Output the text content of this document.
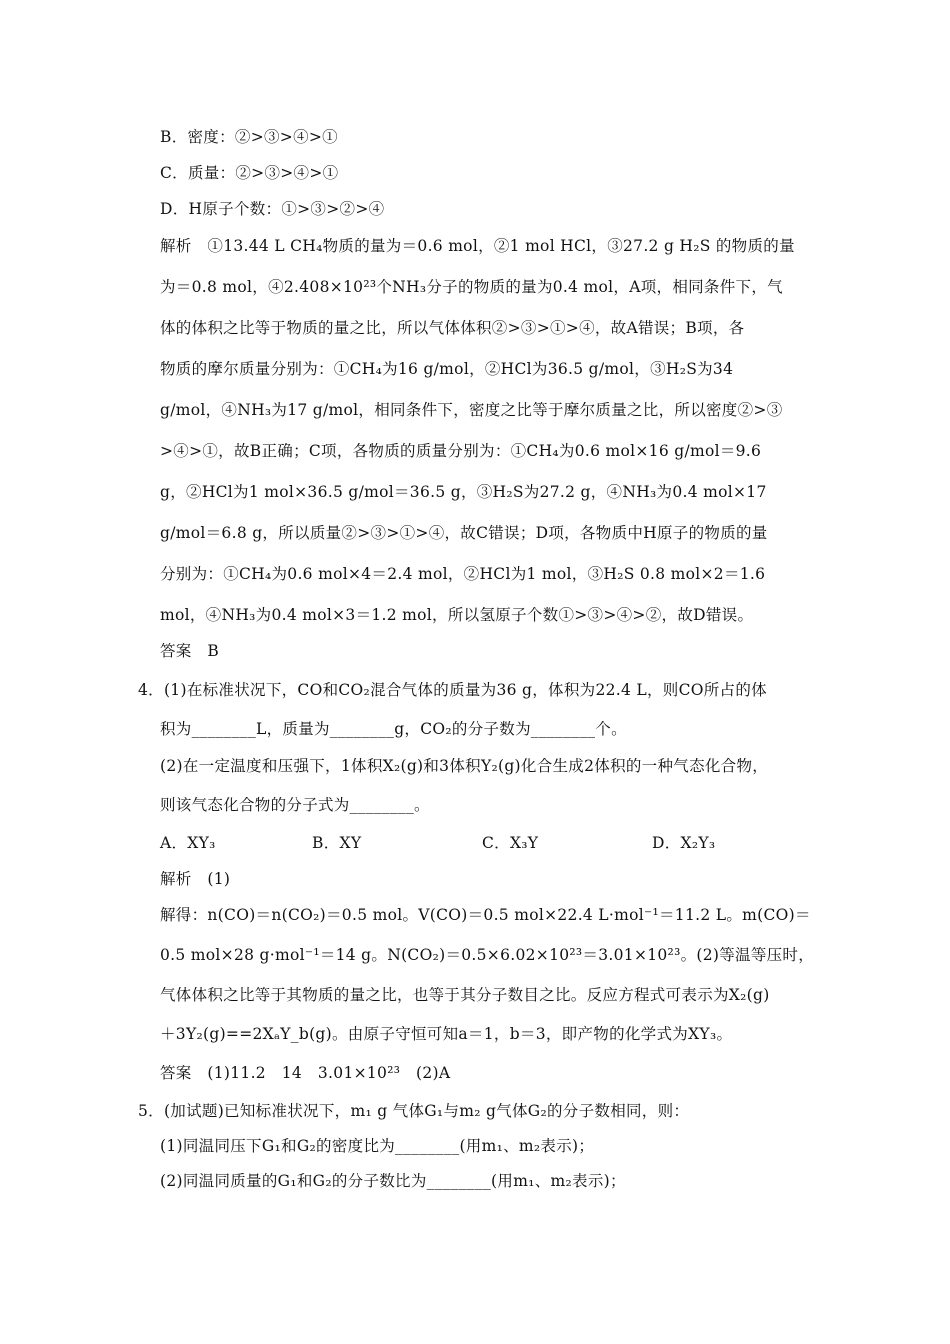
B．密度：②>③>④>①
C．质量：②>③>④>①
D．H原子个数：①>③>②>④
解析　①13.44 L CH₄物质的量为＝0.6 mol，②1 mol HCl，③27.2 g H₂S 的物质的量
为＝0.8 mol，④2.408×10²³个NH₃分子的物质的量为0.4 mol，A项，相同条件下，气
体的体积之比等于物质的量之比，所以气体体积②>③>①>④，故A错误；B项，各
物质的摩尔质量分别为：①CH₄为16 g/mol，②HCl为36.5 g/mol，③H₂S为34
g/mol，④NH₃为17 g/mol，相同条件下，密度之比等于摩尔质量之比，所以密度②>③
>④>①，故B正确；C项，各物质的质量分别为：①CH₄为0.6 mol×16 g/mol＝9.6
g，②HCl为1 mol×36.5 g/mol＝36.5 g，③H₂S为27.2 g，④NH₃为0.4 mol×17
g/mol＝6.8 g，所以质量②>③>①>④，故C错误；D项，各物质中H原子的物质的量
分别为：①CH₄为0.6 mol×4＝2.4 mol，②HCl为1 mol，③H₂S 0.8 mol×2＝1.6
mol，④NH₃为0.4 mol×3＝1.2 mol，所以氢原子个数①>③>④>②，故D错误。
答案　B
4．(1)在标准状况下，CO和CO₂混合气体的质量为36 g，体积为22.4 L，则CO所占的体
积为________L，质量为________g，CO₂的分子数为________个。
(2)在一定温度和压强下，1体积X₂(g)和3体积Y₂(g)化合生成2体积的一种气态化合物，
则该气态化合物的分子式为________。
A．XY₃	B．XY	C．X₃Y	D．X₂Y₃
解析　(1)
解得：n(CO)＝n(CO₂)＝0.5 mol。V(CO)＝0.5 mol×22.4 L·mol⁻¹＝11.2 L。m(CO)＝
0.5 mol×28 g·mol⁻¹＝14 g。N(CO₂)＝0.5×6.02×10²³＝3.01×10²³。(2)等温等压时，
气体体积之比等于其物质的量之比，也等于其分子数目之比。反应方程式可表示为X₂(g)
＋3Y₂(g)==2XₐY_b(g)。由原子守恒可知a＝1，b＝3，即产物的化学式为XY₃。
答案　(1)11.2　14　3.01×10²³　(2)A
5．(加试题)已知标准状况下，m₁ g 气体G₁与m₂ g气体G₂的分子数相同，则：
(1)同温同压下G₁和G₂的密度比为________(用m₁、m₂表示)；
(2)同温同质量的G₁和G₂的分子数比为________(用m₁、m₂表示)；
